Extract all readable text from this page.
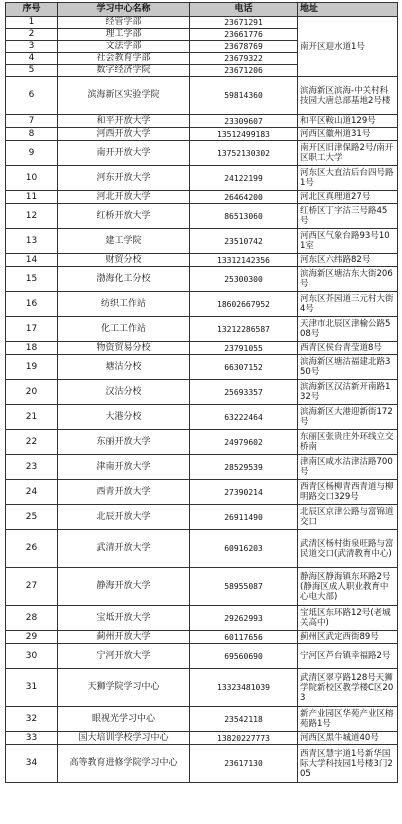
序号	学习中心名称	电话	地址
1	经管学部	23671291	南开区迎水道1号
2	理工学部	23661776	
3	文法学部	23678769	
4	社会教育学部	23679322	
5	数字经济学院	23671206	
6	滨海新区实验学院	59814360	滨海新区滨海-中关村科技园大唐总部基地2号楼
7	和平开放大学	23309607	和平区鞍山道129号
8	河西开放大学	13512499183	河西区徽州道31号
9	南开开放大学	13752130302	南开区旧津保路2号/南开区职工大学
10	河东开放大学	24122199	河东区大直沽后台四号路1号
11	河北开放大学	26464200	河北区真理道27号
12	红桥开放大学	86513060	红桥区丁字沽三号路45号
13	建工学院	23510742	河西区气象台路93号101室
14	财贸分校	13312142356	河东区六纬路82号
15	渤海化工分校	25300300	滨海新区塘沽东大街206号
16	纺织工作站	18602667952	河东区芥园道三元村大街4号
17	化工工作站	13212286587	天津市北辰区津榆公路508号
18	物资贸易分校	23791055	西青区侯台青莹道8号
19	塘沽分校	66307152	滨海新区塘沽福建北路350号
20	汉沽分校	25693357	滨海新区汉沽新开南路132号
21	大港分校	63222464	滨海新区大港迎新街172号
22	东丽开放大学	24979602	东丽区张贵庄外环线立交桥南
23	津南开放大学	28529539	津南区咸水沽津沽路700号
24	西青开放大学	27390214	西青区杨柳青西青道与柳明路交口329号
25	北辰开放大学	26911490	北辰区京津公路与富锦道交口
26	武清开放大学	60916203	武清区杨村街泉旺路与富民道交口(武清教育中心)
27	静海开放大学	58955087	静海区静海镇东环路2号(静海区成人职业教育中心电大部)
28	宝坻开放大学	29262993	宝坻区东环路12号(老城关高中)
29	蓟州开放大学	60117656	蓟州区武定西街89号
30	宁河开放大学	69560690	宁河区芦台镇幸福路2号
31	天狮学院学习中心	13323481039	武清区翠亨路128号天狮学院新校区教学楼C区203
32	眼视光学习中心	23542118	新产业园区华苑产业区榕苑路1号
33	国大培训学校学习中心	13820227773	河西区黑牛城道40号
34	高等教育进修学院学习中心	23617130	西青区慧宇道1号新华国际大学科技园1号楼3门205
